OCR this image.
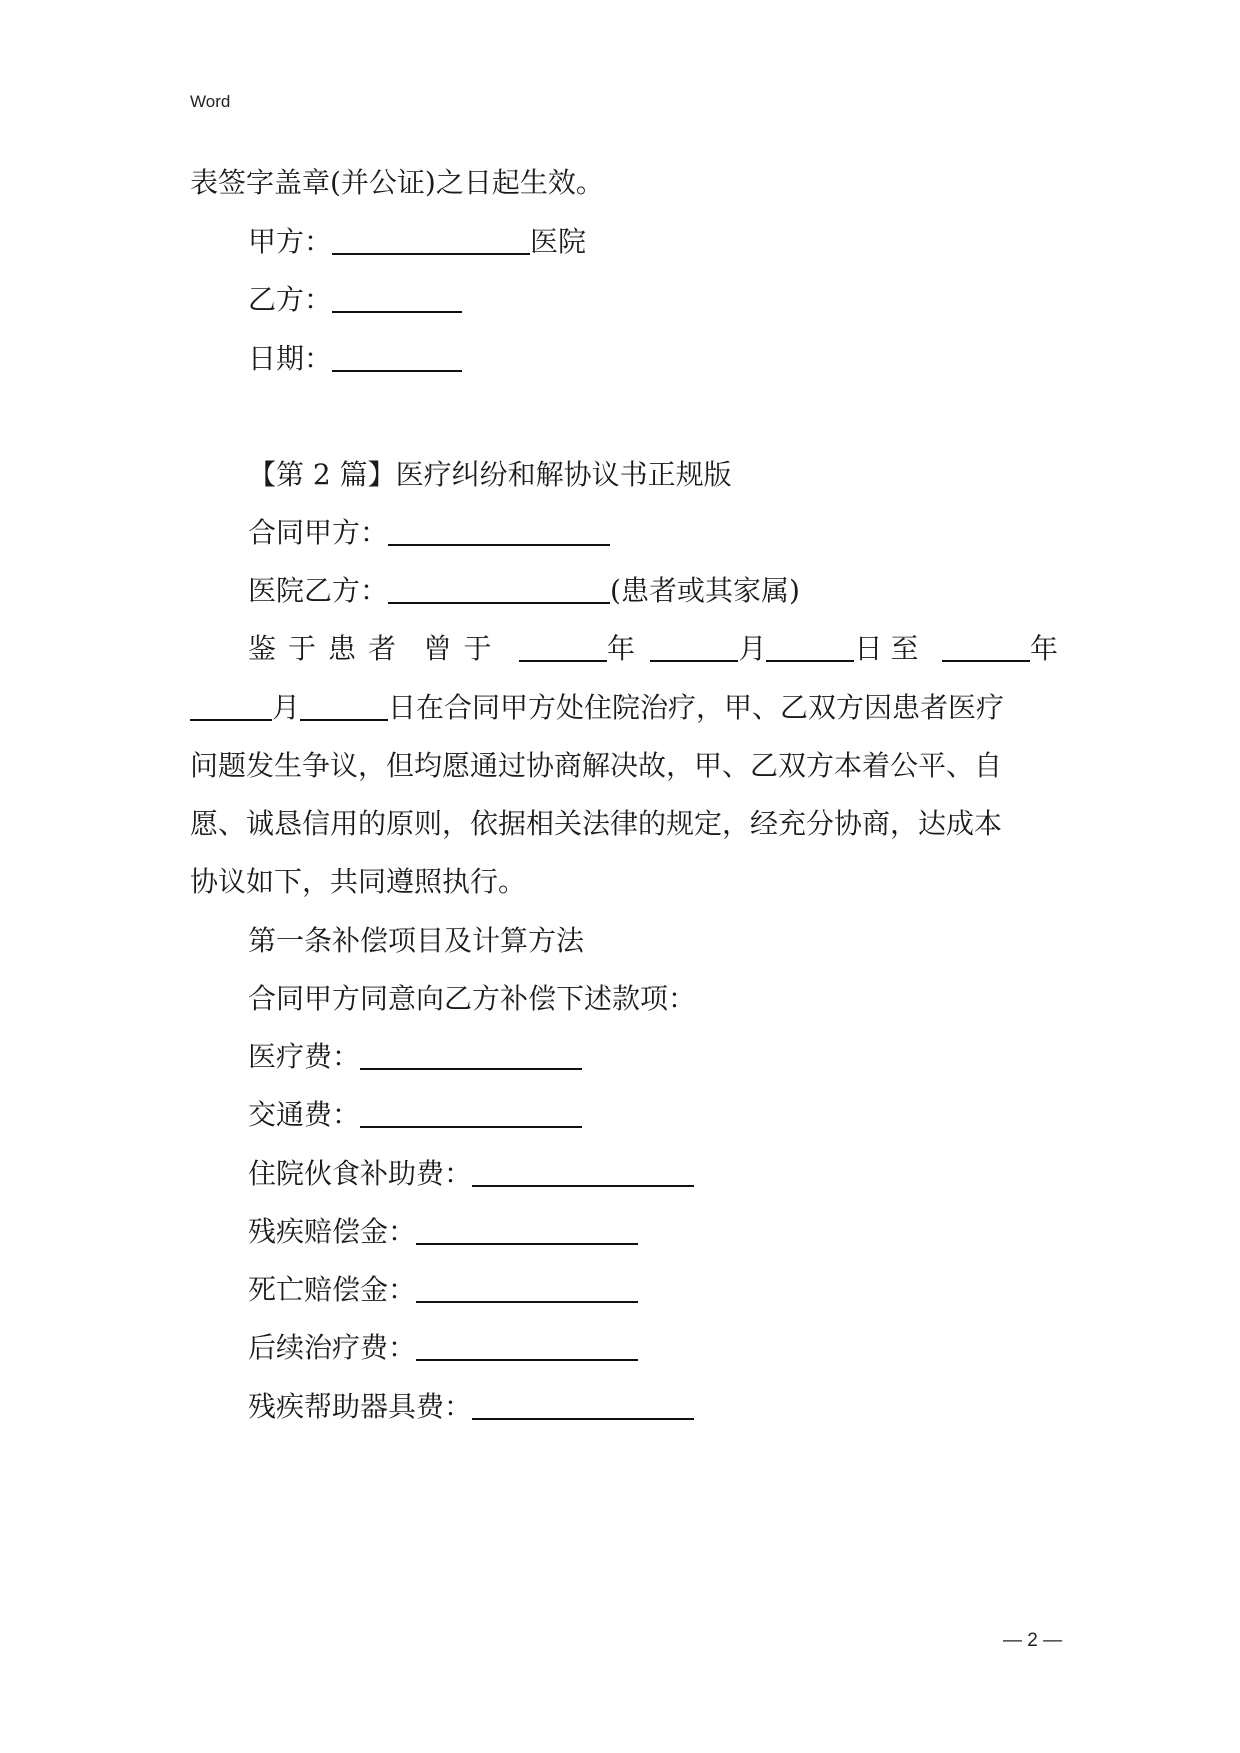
Word
表签字盖章(并公证)之日起生效。
甲方：	医院
乙方：
日期：
【第 2 篇】医疗纠纷和解协议书正规版
合同甲方：
医院乙方：	(患者或其家属)
鉴于患者 曾于	年	月	日至	年
月	日在合同甲方处住院治疗，甲、乙双方因患者医疗
问题发生争议，但均愿通过协商解决故，甲、乙双方本着公平、自
愿、诚恳信用的原则，依据相关法律的规定，经充分协商，达成本
协议如下，共同遵照执行。
第一条补偿项目及计算方法
合同甲方同意向乙方补偿下述款项：
医疗费：
交通费：
住院伙食补助费：
残疾赔偿金：
死亡赔偿金：
后续治疗费：
残疾帮助器具费：
— 2 —
